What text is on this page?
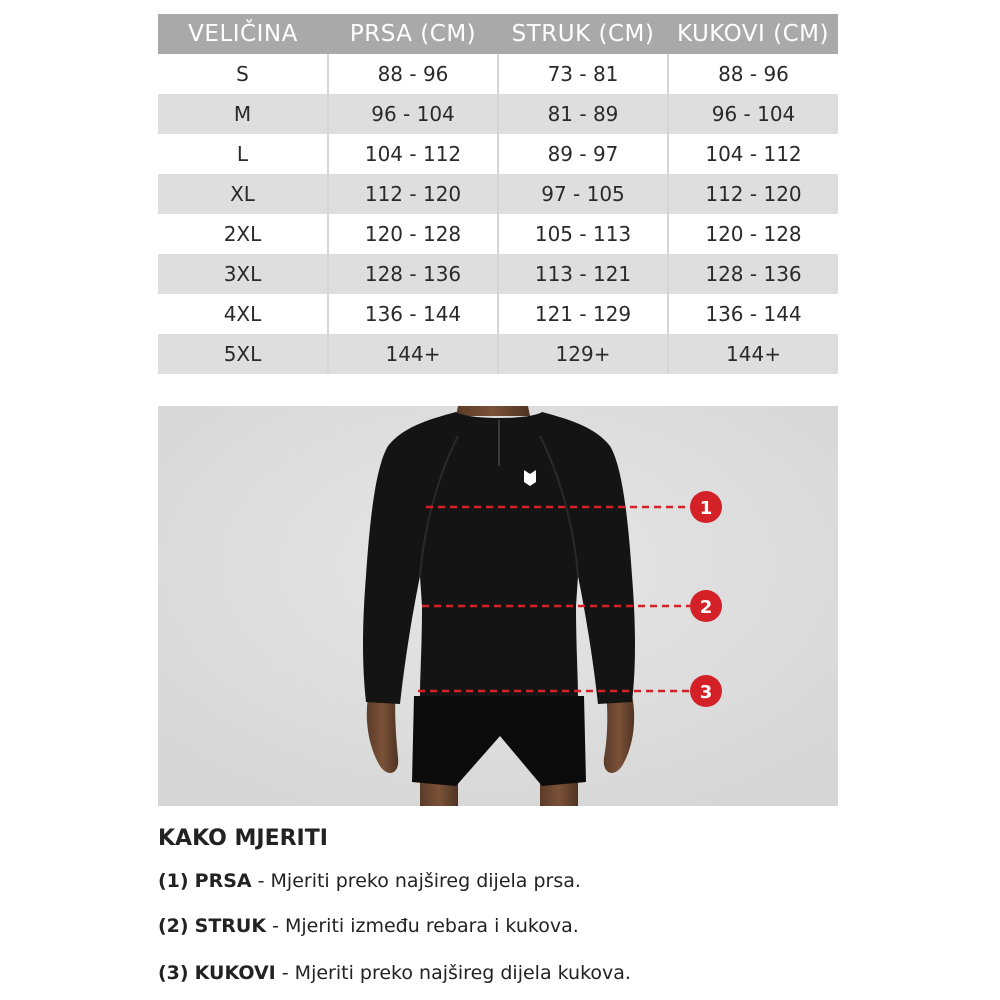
VELIČINA	PRSA (CM)	STRUK (CM)	KUKOVI (CM)
S	88 - 96	73 - 81	88 - 96
M	96 - 104	81 - 89	96 - 104
L	104 - 112	89 - 97	104 - 112
XL	112 - 120	97 - 105	112 - 120
2XL	120 - 128	105 - 113	120 - 128
3XL	128 - 136	113 - 121	128 - 136
4XL	136 - 144	121 - 129	136 - 144
5XL	144+	129+	144+
1
2
3
KAKO MJERITI

(1) PRSA - Mjeriti preko najšireg dijela prsa.

(2) STRUK - Mjeriti između rebara i kukova.

(3) KUKOVI - Mjeriti preko najšireg dijela kukova.
